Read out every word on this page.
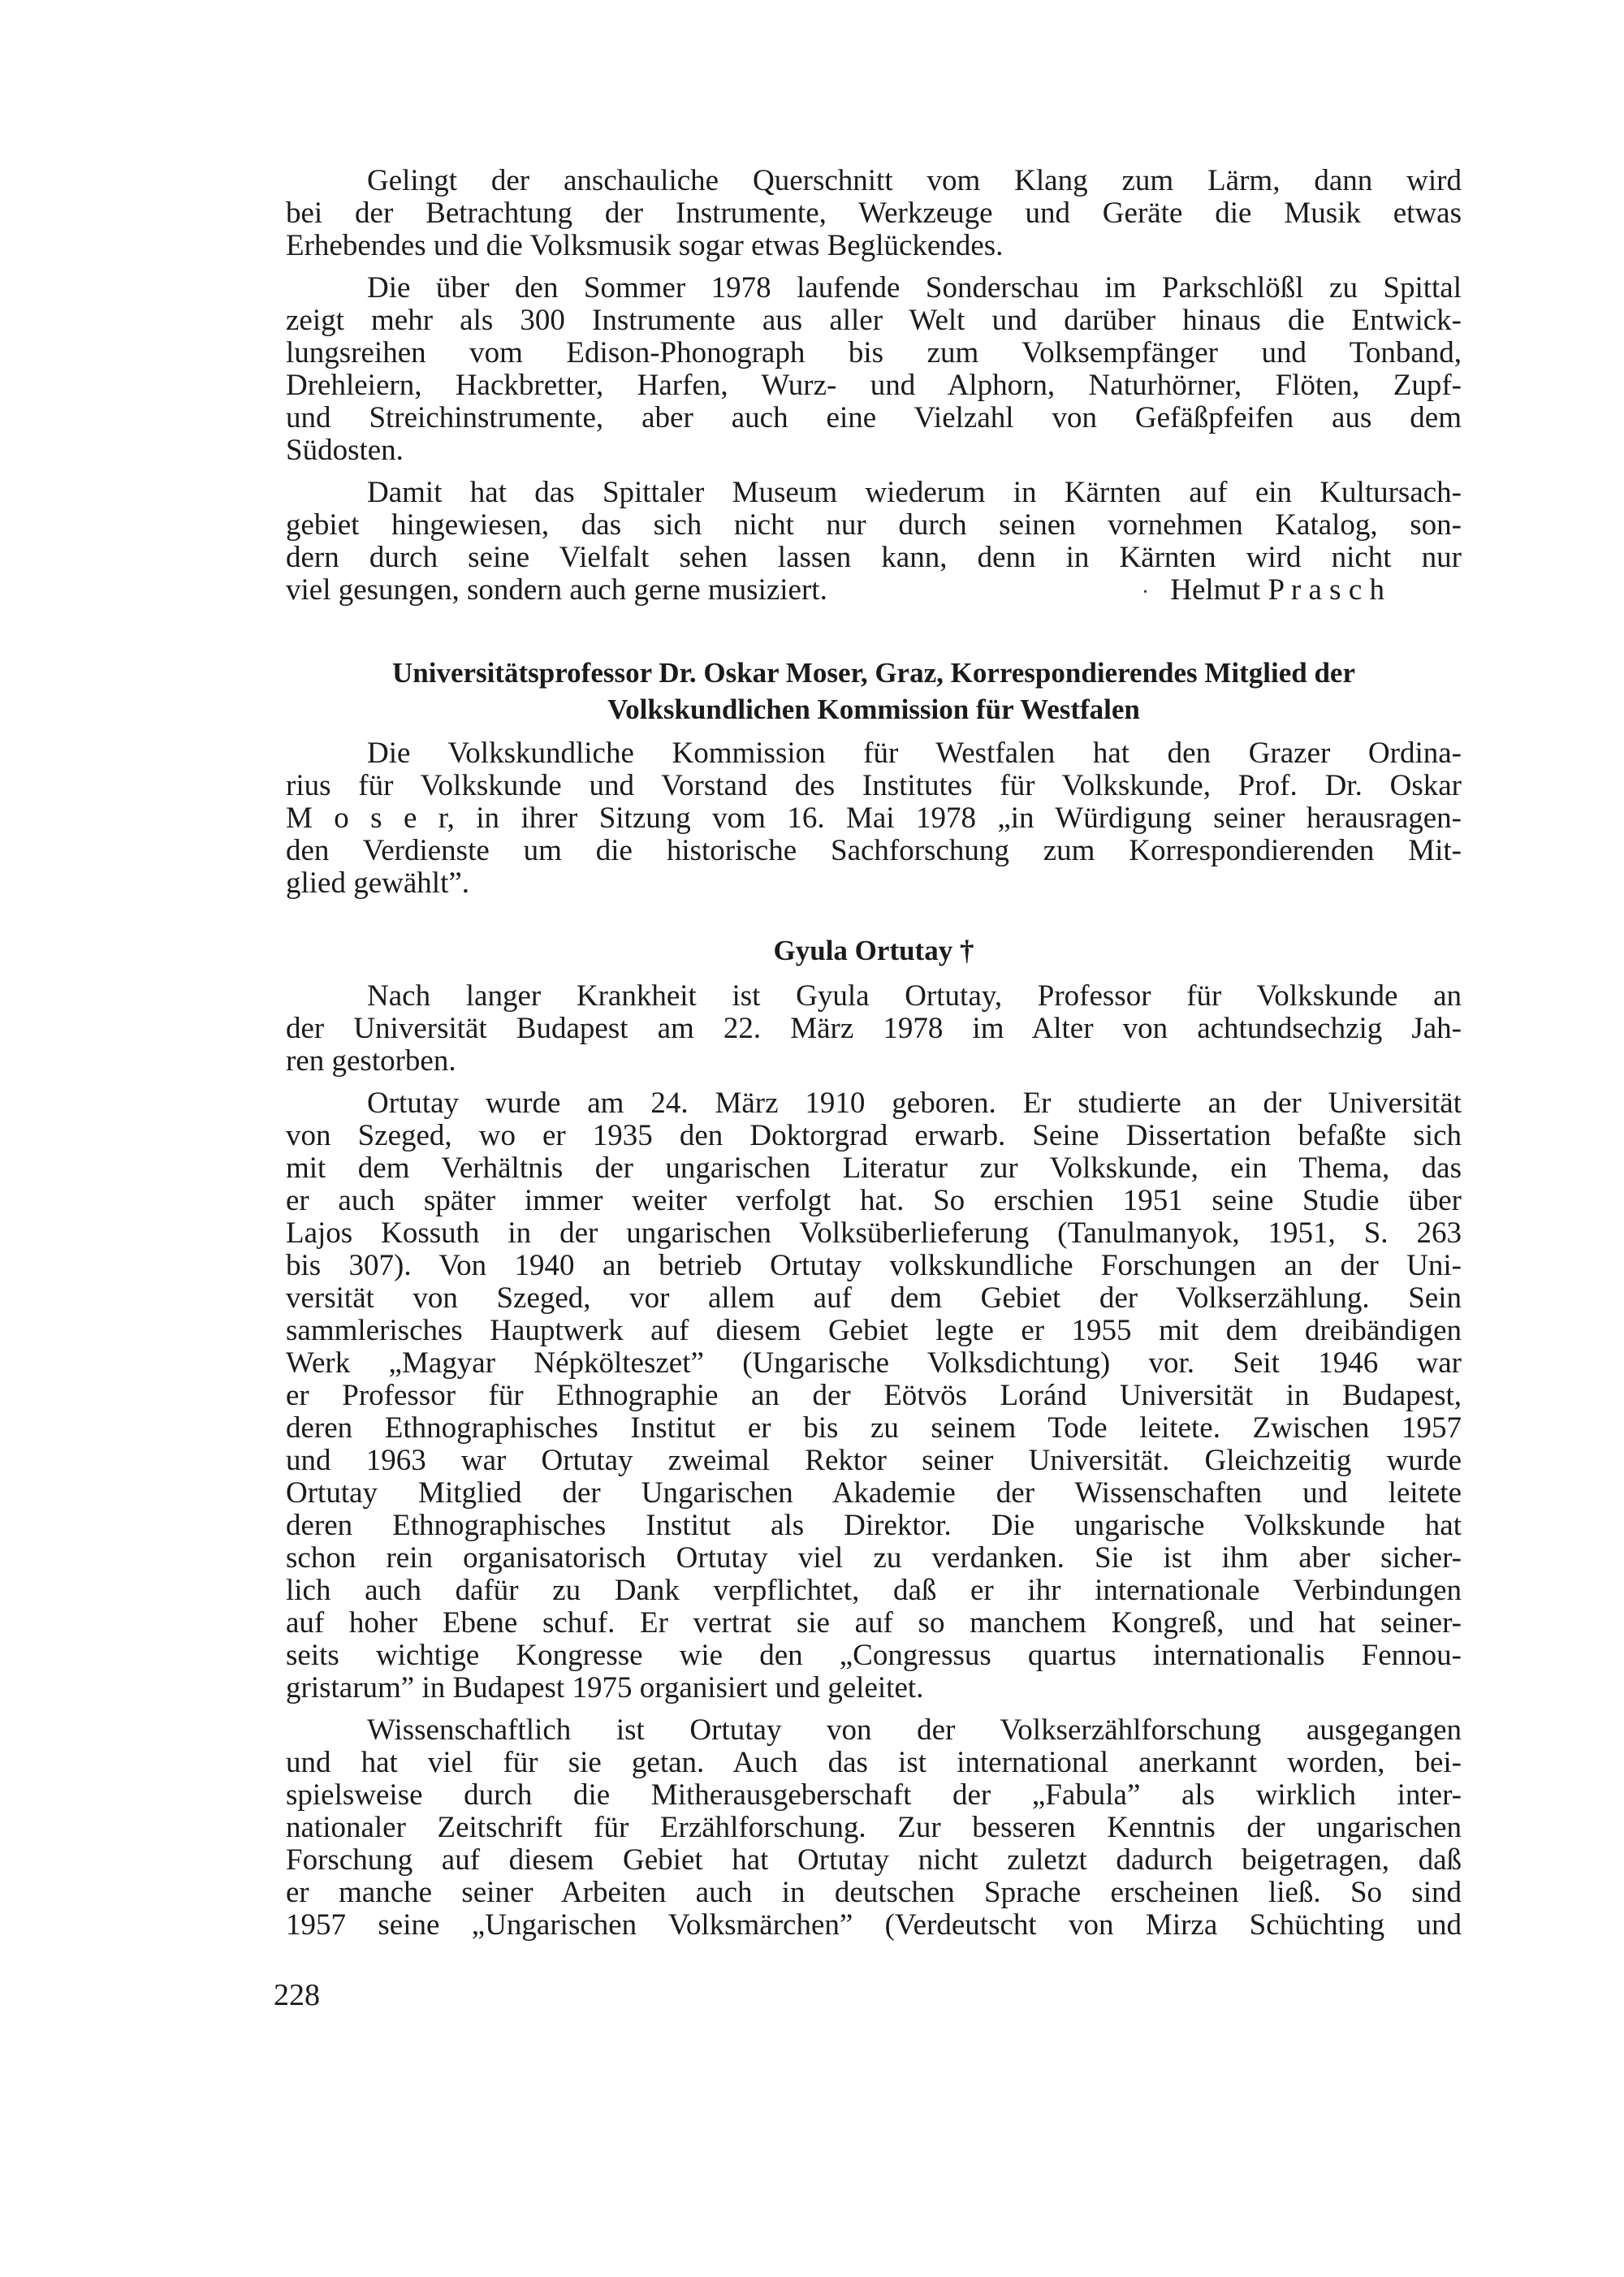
Gelingt der anschauliche Querschnitt vom Klang zum Lärm, dann wird
bei der Betrachtung der Instrumente, Werkzeuge und Geräte die Musik etwas
Erhebendes und die Volksmusik sogar etwas Beglückendes.
Die über den Sommer 1978 laufende Sonderschau im Parkschlößl zu Spittal
zeigt mehr als 300 Instrumente aus aller Welt und darüber hinaus die Entwick-
lungsreihen vom Edison-Phonograph bis zum Volksempfänger und Tonband,
Drehleiern, Hackbretter, Harfen, Wurz- und Alphorn, Naturhörner, Flöten, Zupf-
und Streichinstrumente, aber auch eine Vielzahl von Gefäßpfeifen aus dem
Südosten.
Damit hat das Spittaler Museum wiederum in Kärnten auf ein Kultursach-
gebiet hingewiesen, das sich nicht nur durch seinen vornehmen Katalog, son-
dern durch seine Vielfalt sehen lassen kann, denn in Kärnten wird nicht nur
viel gesungen, sondern auch gerne musiziert.	· Helmut P r a s c h
Universitätsprofessor Dr. Oskar Moser, Graz, Korrespondierendes Mitglied der
Volkskundlichen Kommission für Westfalen
Die Volkskundliche Kommission für Westfalen hat den Grazer Ordina-
rius für Volkskunde und Vorstand des Institutes für Volkskunde, Prof. Dr. Oskar
M o s e r, in ihrer Sitzung vom 16. Mai 1978 „in Würdigung seiner herausragen-
den Verdienste um die historische Sachforschung zum Korrespondierenden Mit-
glied gewählt”.
Gyula Ortutay †
Nach langer Krankheit ist Gyula Ortutay, Professor für Volkskunde an
der Universität Budapest am 22. März 1978 im Alter von achtundsechzig Jah-
ren gestorben.
Ortutay wurde am 24. März 1910 geboren. Er studierte an der Universität
von Szeged, wo er 1935 den Doktorgrad erwarb. Seine Dissertation befaßte sich
mit dem Verhältnis der ungarischen Literatur zur Volkskunde, ein Thema, das
er auch später immer weiter verfolgt hat. So erschien 1951 seine Studie über
Lajos Kossuth in der ungarischen Volksüberlieferung (Tanulmanyok, 1951, S. 263
bis 307). Von 1940 an betrieb Ortutay volkskundliche Forschungen an der Uni-
versität von Szeged, vor allem auf dem Gebiet der Volkserzählung. Sein
sammlerisches Hauptwerk auf diesem Gebiet legte er 1955 mit dem dreibändigen
Werk „Magyar Népkölteszet” (Ungarische Volksdichtung) vor. Seit 1946 war
er Professor für Ethnographie an der Eötvös Loránd Universität in Budapest,
deren Ethnographisches Institut er bis zu seinem Tode leitete. Zwischen 1957
und 1963 war Ortutay zweimal Rektor seiner Universität. Gleichzeitig wurde
Ortutay Mitglied der Ungarischen Akademie der Wissenschaften und leitete
deren Ethnographisches Institut als Direktor. Die ungarische Volkskunde hat
schon rein organisatorisch Ortutay viel zu verdanken. Sie ist ihm aber sicher-
lich auch dafür zu Dank verpflichtet, daß er ihr internationale Verbindungen
auf hoher Ebene schuf. Er vertrat sie auf so manchem Kongreß, und hat seiner-
seits wichtige Kongresse wie den „Congressus quartus internationalis Fennou-
gristarum” in Budapest 1975 organisiert und geleitet.
Wissenschaftlich ist Ortutay von der Volkserzählforschung ausgegangen
und hat viel für sie getan. Auch das ist international anerkannt worden, bei-
spielsweise durch die Mitherausgeberschaft der „Fabula” als wirklich inter-
nationaler Zeitschrift für Erzählforschung. Zur besseren Kenntnis der ungarischen
Forschung auf diesem Gebiet hat Ortutay nicht zuletzt dadurch beigetragen, daß
er manche seiner Arbeiten auch in deutschen Sprache erscheinen ließ. So sind
1957 seine „Ungarischen Volksmärchen” (Verdeutscht von Mirza Schüchting und
228
